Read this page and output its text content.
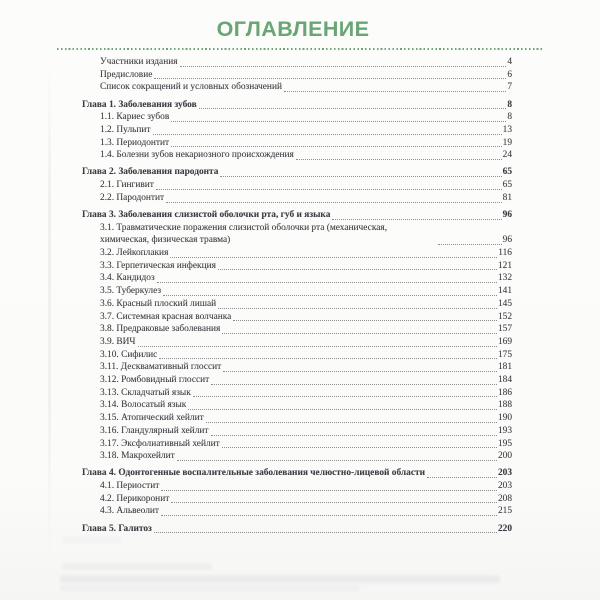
ОГЛАВЛЕНИЕ
Участники издания	4
Предисловие	6
Список сокращений и условных обозначений	7
Глава 1. Заболевания зубов	8
1.1. Кариес зубов	8
1.2. Пульпит	13
1.3. Периодонтит	19
1.4. Болезни зубов некариозного происхождения	24
Глава 2. Заболевания пародонта	65
2.1. Гингивит	65
2.2. Пародонтит	81
Глава 3. Заболевания слизистой оболочки рта, губ и языка	96
3.1. Травматические поражения слизистой оболочки рта (механическая, химическая, физическая травма)	96
3.2. Лейкоплакия	116
3.3. Герпетическая инфекция	121
3.4. Кандидоз	132
3.5. Туберкулез	141
3.6. Красный плоский лишай	145
3.7. Системная красная волчанка	152
3.8. Предраковые заболевания	157
3.9. ВИЧ	169
3.10. Сифилис	175
3.11. Десквамативный глоссит	181
3.12. Ромбовидный глоссит	184
3.13. Складчатый язык	186
3.14. Волосатый язык	188
3.15. Атопический хейлит	190
3.16. Гландулярный хейлит	193
3.17. Эксфолиативный хейлит	195
3.18. Макрохейлит	200
Глава 4. Одонтогенные воспалительные заболевания челюстно-лицевой области	203
4.1. Периостит	203
4.2. Перикоронит	208
4.3. Альвеолит	215
Глава 5. Галитоз	220
